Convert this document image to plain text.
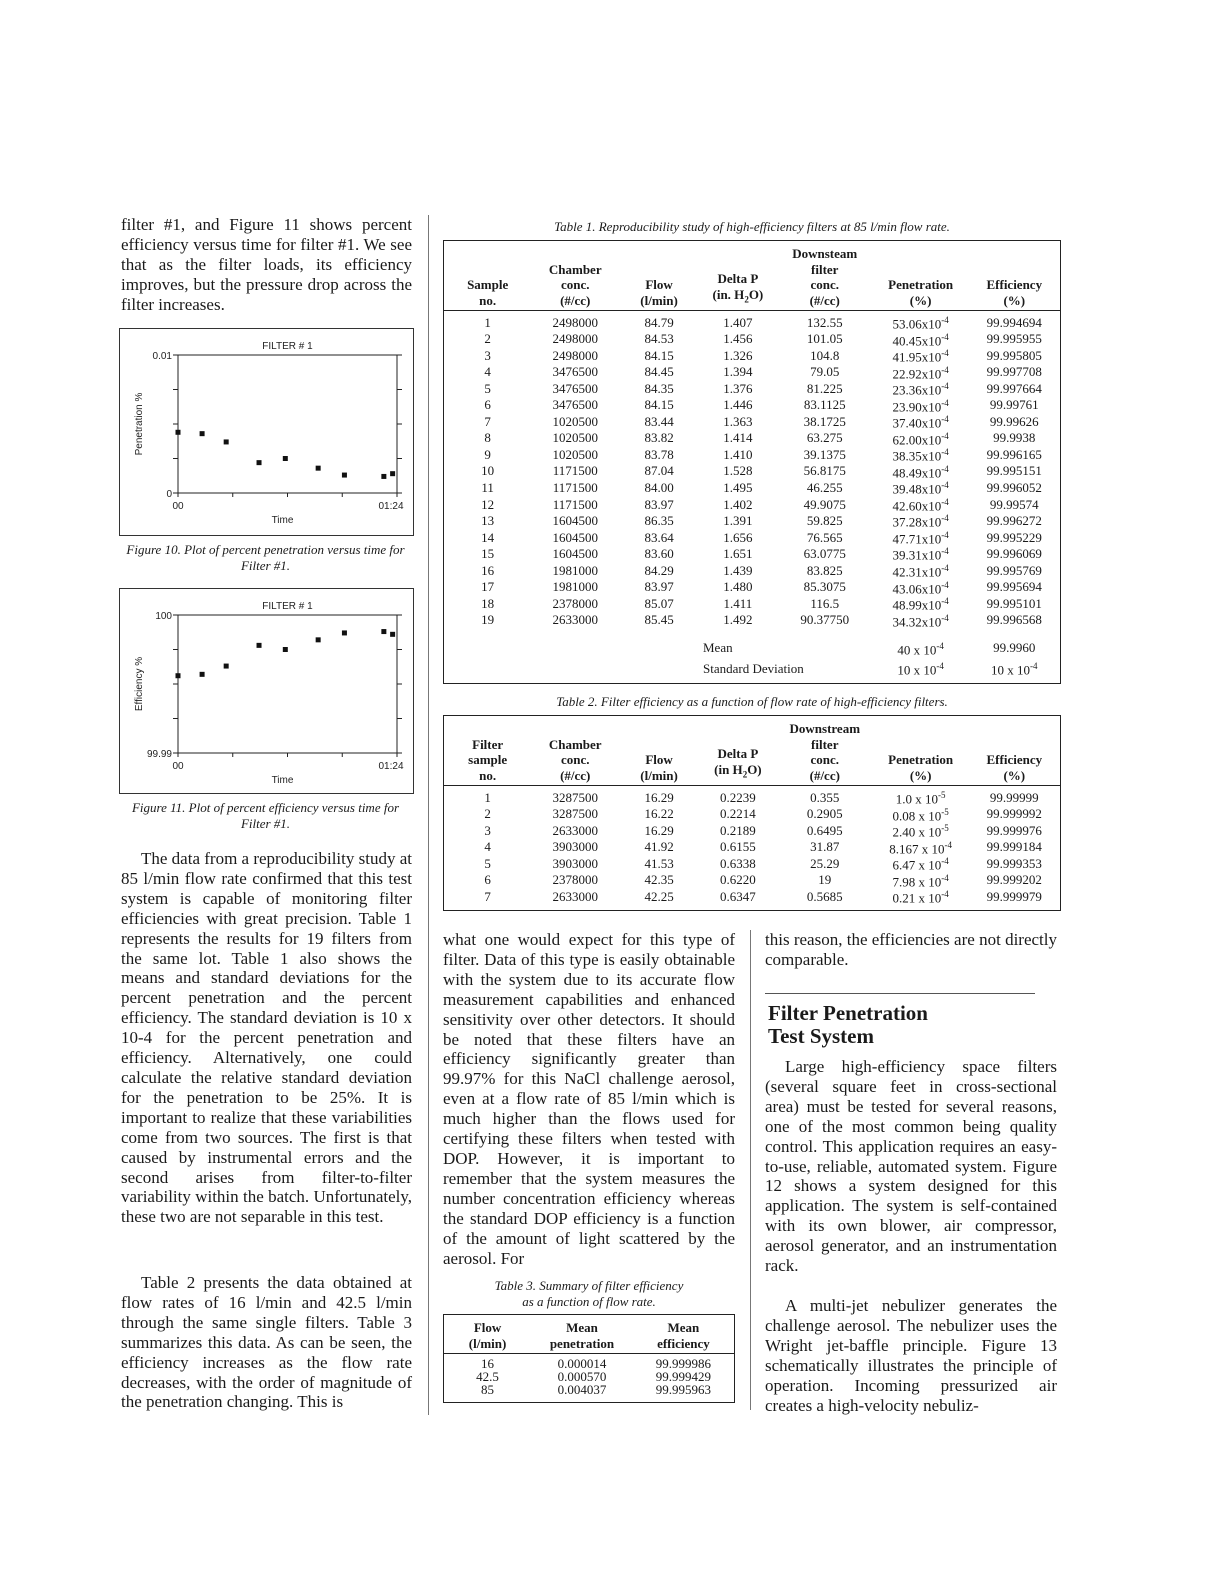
filter #1, and Figure 11 shows percent efficiency versus time for filter #1. We see that as the filter loads, its efficiency improves, but the pressure drop across the filter increases.

FILTER # 1
0
0.01
00	01:24
Time
Penetration %

Figure 10. Plot of percent penetration versus time for Filter #1.

FILTER # 1
99.99
100
00	01:24
Time
Efficiency %

Figure 11. Plot of percent efficiency versus time for Filter #1.

The data from a reproducibility study at 85 l/min flow rate confirmed that this test system is capable of monitoring filter efficiencies with great precision. Table 1 represents the results for 19 filters from the same lot. Table 1 also shows the means and standard deviations for the percent penetration and the percent efficiency. The standard deviation is 10 x 10-4 for the percent penetration and efficiency. Alternatively, one could calculate the relative standard deviation for the penetration to be 25%. It is important to realize that these variabilities come from two sources. The first is that caused by instrumental errors and the second arises from filter-to-filter variability within the batch. Unfortunately, these two are not separable in this test.

Table 2 presents the data obtained at flow rates of 16 l/min and 42.5 l/min through the same single filters. Table 3 summarizes this data. As can be seen, the efficiency increases as the flow rate decreases, with the order of magnitude of the penetration changing. This is

Table 1. Reproducibility study of high-efficiency filters at 85 l/min flow rate.

Sample
no.	Chamber
conc.
(#/cc)	Flow
(l/min)	Delta P
(in. $H_2O$)	Downsteam
filter
conc.
(#/cc)	Penetration
(%)	Efficiency
(%)
1	2498000	84.79	1.407	132.55	$53.06x10^{-4}$	99.994694
2	2498000	84.53	1.456	101.05	$40.45x10^{-4}$	99.995955
3	2498000	84.15	1.326	104.8	$41.95x10^{-4}$	99.995805
4	3476500	84.45	1.394	79.05	$22.92x10^{-4}$	99.997708
5	3476500	84.35	1.376	81.225	$23.36x10^{-4}$	99.997664
6	3476500	84.15	1.446	83.1125	$23.90x10^{-4}$	99.99761
7	1020500	83.44	1.363	38.1725	$37.40x10^{-4}$	99.99626
8	1020500	83.82	1.414	63.275	$62.00x10^{-4}$	99.9938
9	1020500	83.78	1.410	39.1375	$38.35x10^{-4}$	99.996165
10	1171500	87.04	1.528	56.8175	$48.49x10^{-4}$	99.995151
11	1171500	84.00	1.495	46.255	$39.48x10^{-4}$	99.996052
12	1171500	83.97	1.402	49.9075	$42.60x10^{-4}$	99.99574
13	1604500	86.35	1.391	59.825	$37.28x10^{-4}$	99.996272
14	1604500	83.64	1.656	76.565	$47.71x10^{-4}$	99.995229
15	1604500	83.60	1.651	63.0775	$39.31x10^{-4}$	99.996069
16	1981000	84.29	1.439	83.825	$42.31x10^{-4}$	99.995769
17	1981000	83.97	1.480	85.3075	$43.06x10^{-4}$	99.995694
18	2378000	85.07	1.411	116.5	$48.99x10^{-4}$	99.995101
19	2633000	85.45	1.492	90.37750	$34.32x10^{-4}$	99.996568
			Mean		40 x $10^{-4}$	99.9960
			Standard Deviation		10 x $10^{-4}$	10 x $10^{-4}$

Table 2. Filter efficiency as a function of flow rate of high-efficiency filters.

Filter
sample
no.	Chamber
conc.
(#/cc)	Flow
(l/min)	Delta P
(in $H_2O$)	Downstream
filter
conc.
(#/cc)	Penetration
(%)	Efficiency
(%)
1	3287500	16.29	0.2239	0.355	1.0 x $10^{-5}$	99.99999
2	3287500	16.22	0.2214	0.2905	0.08 x $10^{-5}$	99.999992
3	2633000	16.29	0.2189	0.6495	2.40 x $10^{-5}$	99.999976
4	3903000	41.92	0.6155	31.87	8.167 x $10^{-4}$	99.999184
5	3903000	41.53	0.6338	25.29	6.47 x $10^{-4}$	99.999353
6	2378000	42.35	0.6220	19	7.98 x $10^{-4}$	99.999202
7	2633000	42.25	0.6347	0.5685	0.21 x $10^{-4}$	99.999979

what one would expect for this type of filter. Data of this type is easily obtainable with the system due to its accurate flow measurement capabilities and enhanced sensitivity over other detectors. It should be noted that these filters have an efficiency significantly greater than 99.97% for this NaCl challenge aerosol, even at a flow rate of 85 l/min which is much higher than the flows used for certifying these filters when tested with DOP. However, it is important to remember that the system measures the number concentration efficiency whereas the standard DOP efficiency is a function of the amount of light scattered by the aerosol. For

Table 3. Summary of filter efficiency

as a function of flow rate.

Flow
(l/min)	Mean
penetration	Mean
efficiency
16	0.000014	99.999986
42.5	0.000570	99.999429
85	0.004037	99.995963

this reason, the efficiencies are not directly comparable.

Filter Penetration Test System

Large high-efficiency space filters (several square feet in cross-sectional area) must be tested for several reasons, one of the most common being quality control. This application requires an easy-to-use, reliable, automated system. Figure 12 shows a system designed for this application. The system is self-contained with its own blower, air compressor, aerosol generator, and an instrumentation rack.

A multi-jet nebulizer generates the challenge aerosol. The nebulizer uses the Wright jet-baffle principle. Figure 13 schematically illustrates the principle of operation. Incoming pressurized air creates a high-velocity nebuliz-
